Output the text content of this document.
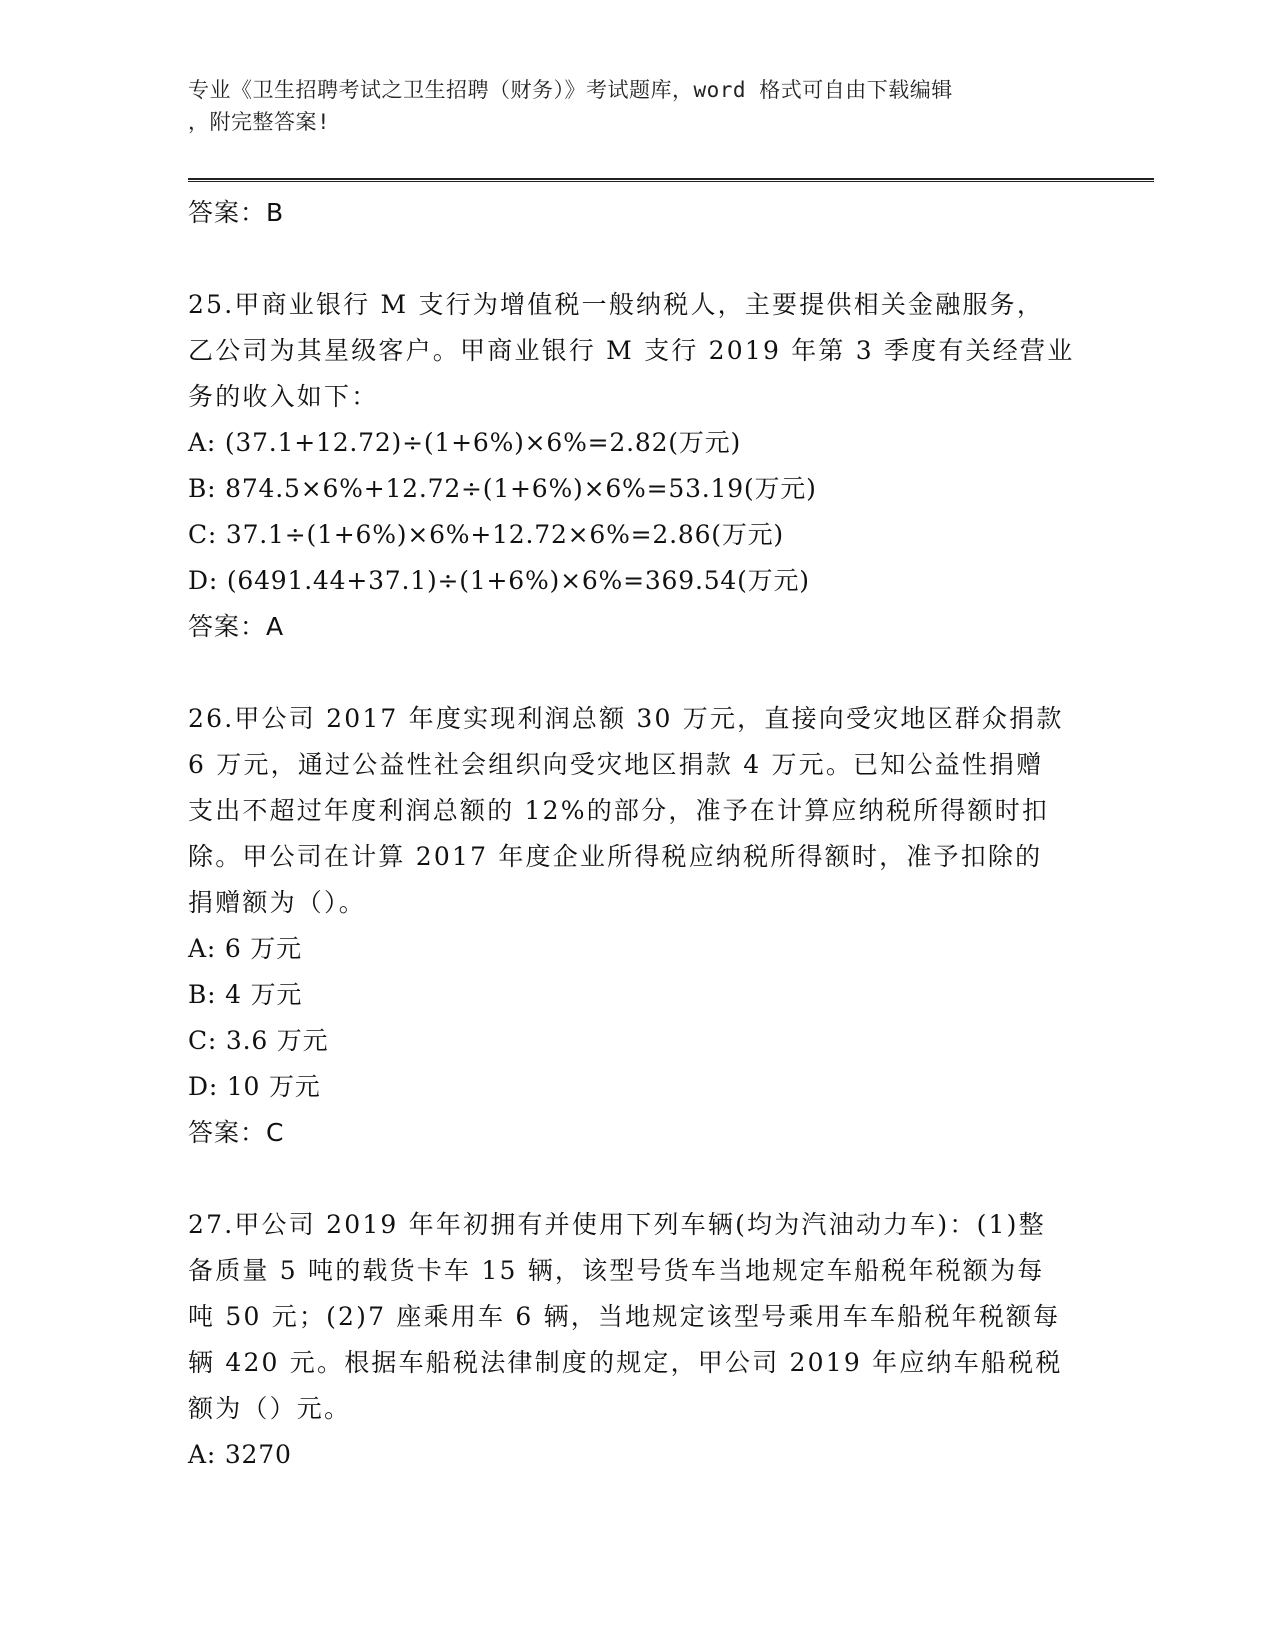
专业《卫生招聘考试之卫生招聘（财务）》考试题库，word 格式可自由下载编辑
，附完整答案!
答案：B
25.甲商业银行 M 支行为增值税一般纳税人，主要提供相关金融服务，
乙公司为其星级客户。甲商业银行 M 支行 2019 年第 3 季度有关经营业
务的收入如下：
A: (37.1+12.72)÷(1+6%)×6%=2.82(万元)
B: 874.5×6%+12.72÷(1+6%)×6%=53.19(万元)
C: 37.1÷(1+6%)×6%+12.72×6%=2.86(万元)
D: (6491.44+37.1)÷(1+6%)×6%=369.54(万元)
答案：A
26.甲公司 2017 年度实现利润总额 30 万元，直接向受灾地区群众捐款
6 万元，通过公益性社会组织向受灾地区捐款 4 万元。已知公益性捐赠
支出不超过年度利润总额的 12%的部分，准予在计算应纳税所得额时扣
除。甲公司在计算 2017 年度企业所得税应纳税所得额时，准予扣除的
捐赠额为（）。
A: 6 万元
B: 4 万元
C: 3.6 万元
D: 10 万元
答案：C
27.甲公司 2019 年年初拥有并使用下列车辆(均为汽油动力车)：(1)整
备质量 5 吨的载货卡车 15 辆，该型号货车当地规定车船税年税额为每
吨 50 元；(2)7 座乘用车 6 辆，当地规定该型号乘用车车船税年税额每
辆 420 元。根据车船税法律制度的规定，甲公司 2019 年应纳车船税税
额为（）元。
A: 3270
